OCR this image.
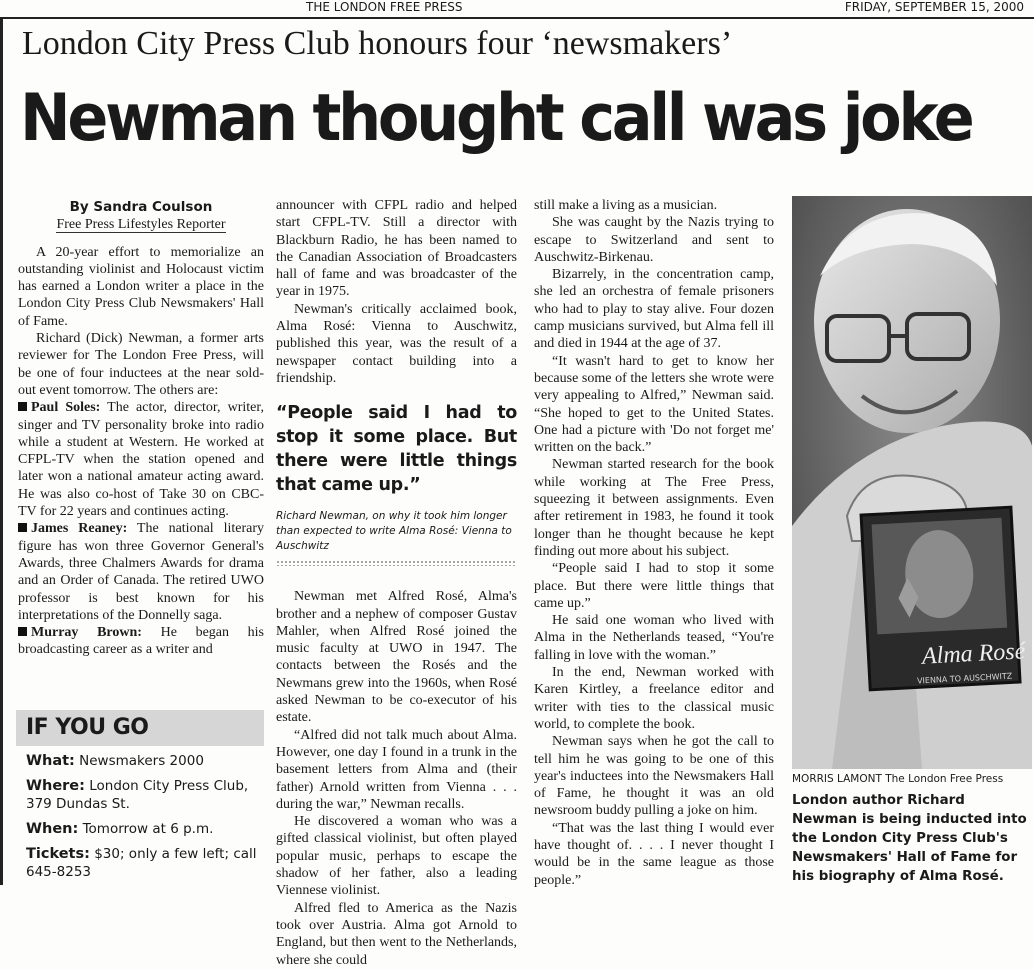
THE LONDON FREE PRESS	FRIDAY, SEPTEMBER 15, 2000
London City Press Club honours four ‘newsmakers’
Newman thought call was joke
By Sandra Coulson
Free Press Lifestyles Reporter

A 20-year effort to memorialize an outstanding violinist and Holocaust victim has earned a London writer a place in the London City Press Club Newsmakers' Hall of Fame.

Richard (Dick) Newman, a former arts reviewer for The London Free Press, will be one of four inductees at the near sold-out event tomorrow. The others are:

Paul Soles: The actor, director, writer, singer and TV personality broke into radio while a student at Western. He worked at CFPL-TV when the station opened and later won a national amateur acting award. He was also co-host of Take 30 on CBC-TV for 22 years and continues acting.

James Reaney: The national literary figure has won three Governor General's Awards, three Chalmers Awards for drama and an Order of Canada. The retired UWO professor is best known for his interpretations of the Donnelly saga.

Murray Brown: He began his broadcasting career as a writer and

IF YOU GO
What: Newsmakers 2000
Where: London City Press Club, 379 Dundas St.
When: Tomorrow at 6 p.m.
Tickets: $30; only a few left; call 645-8253

announcer with CFPL radio and helped start CFPL-TV. Still a director with Blackburn Radio, he has been named to the Canadian Association of Broadcasters hall of fame and was broadcaster of the year in 1975.

Newman's critically acclaimed book, Alma Rosé: Vienna to Auschwitz, published this year, was the result of a newspaper contact building into a friendship.

“People said I had to stop it some place. But there were little things that came up.”
Richard Newman, on why it took him longer than expected to write Alma Rosé: Vienna to Auschwitz

Newman met Alfred Rosé, Alma's brother and a nephew of composer Gustav Mahler, when Alfred Rosé joined the music faculty at UWO in 1947. The contacts between the Rosés and the Newmans grew into the 1960s, when Rosé asked Newman to be co-executor of his estate.

“Alfred did not talk much about Alma. However, one day I found in a trunk in the basement letters from Alma and (their father) Arnold written from Vienna . . . during the war,” Newman recalls.

He discovered a woman who was a gifted classical violinist, but often played popular music, perhaps to escape the shadow of her father, also a leading Viennese violinist.

Alfred fled to America as the Nazis took over Austria. Alma got Arnold to England, but then went to the Netherlands, where she could

still make a living as a musician.

She was caught by the Nazis trying to escape to Switzerland and sent to Auschwitz-Birkenau.

Bizarrely, in the concentration camp, she led an orchestra of female prisoners who had to play to stay alive. Four dozen camp musicians survived, but Alma fell ill and died in 1944 at the age of 37.

“It wasn't hard to get to know her because some of the letters she wrote were very appealing to Alfred,” Newman said. “She hoped to get to the United States. One had a picture with 'Do not forget me' written on the back.”

Newman started research for the book while working at The Free Press, squeezing it between assignments. Even after retirement in 1983, he found it took longer than he thought because he kept finding out more about his subject.

“People said I had to stop it some place. But there were little things that came up.”

He said one woman who lived with Alma in the Netherlands teased, “You're falling in love with the woman.”

In the end, Newman worked with Karen Kirtley, a freelance editor and writer with ties to the classical music world, to complete the book.

Newman says when he got the call to tell him he was going to be one of this year's inductees into the Newsmakers Hall of Fame, he thought it was an old newsroom buddy pulling a joke on him.

“That was the last thing I would ever have thought of. . . . I never thought I would be in the same league as those people.”

Alma Rosé
VIENNA TO AUSCHWITZ
MORRIS LAMONT The London Free Press
London author Richard Newman is being inducted into the London City Press Club's Newsmakers' Hall of Fame for his biography of Alma Rosé.
